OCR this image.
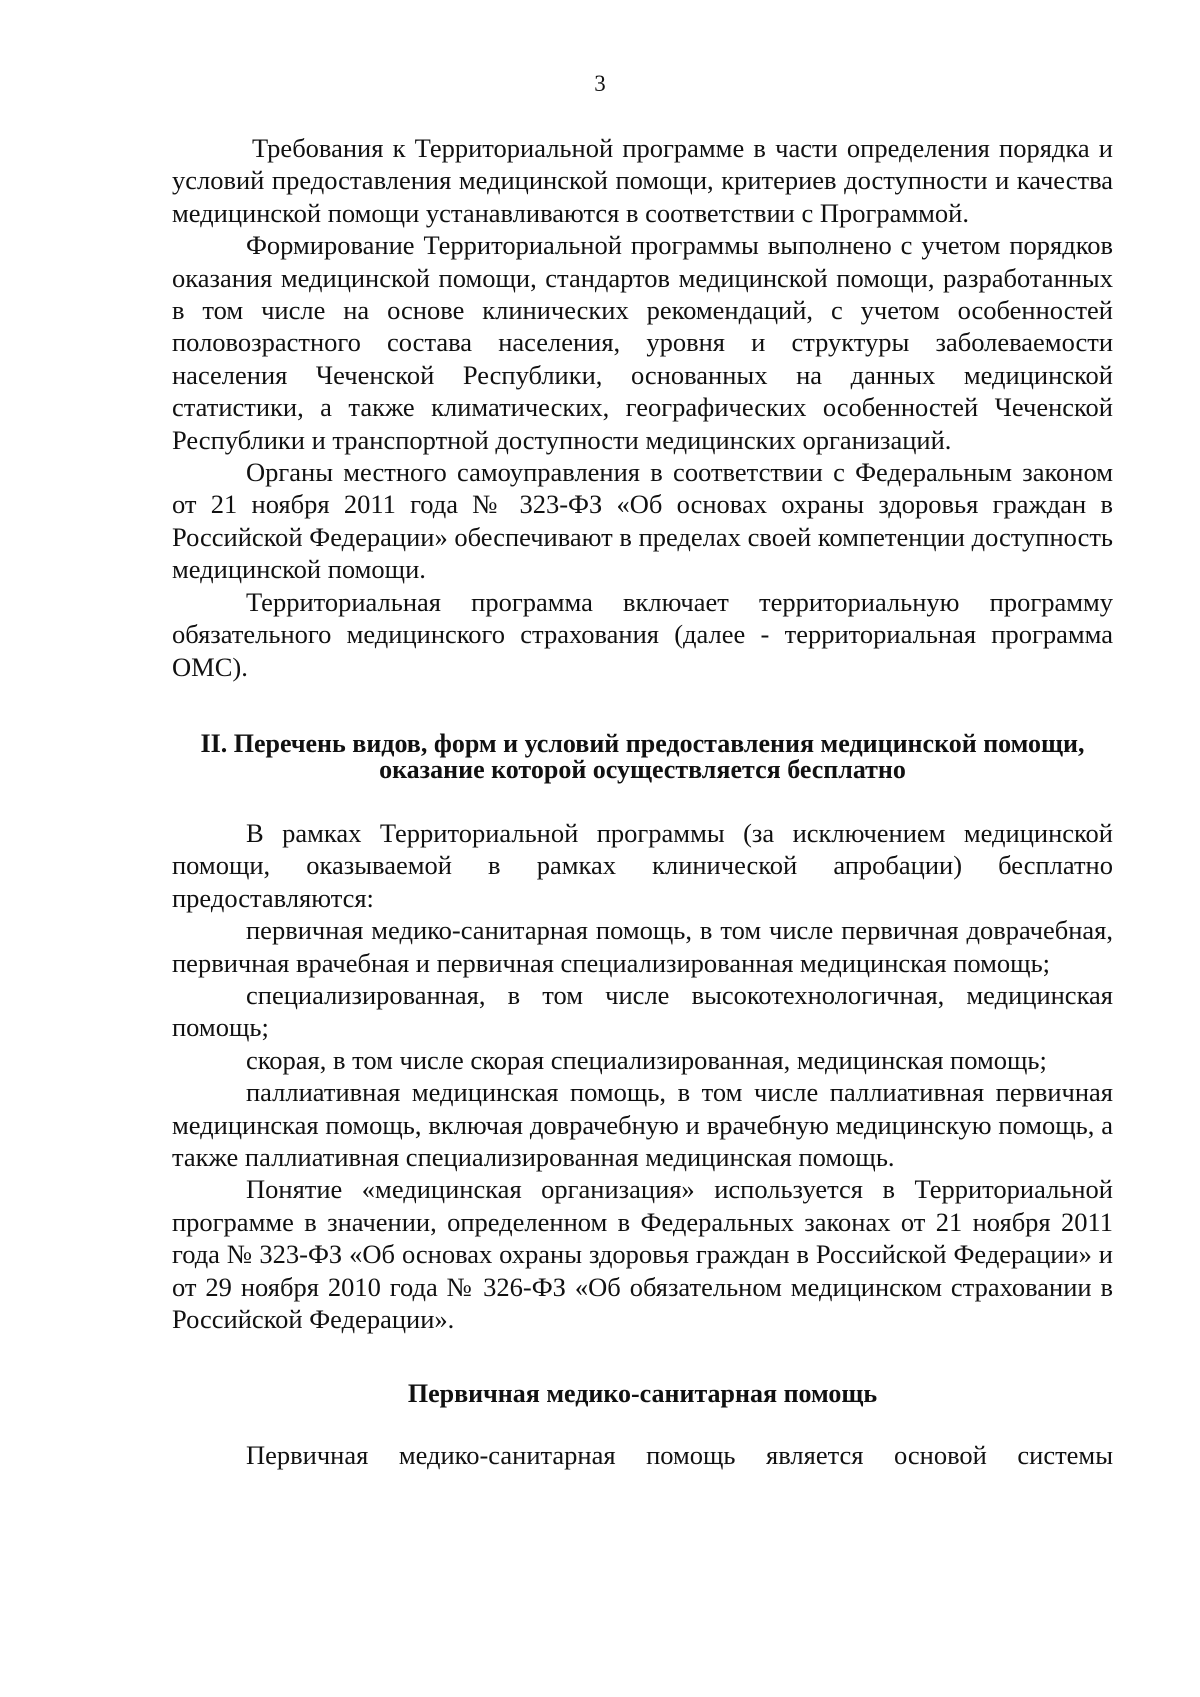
3

Требования к Территориальной программе в части определения порядка и условий предоставления медицинской помощи, критериев доступности и качества медицинской помощи устанавливаются в соответствии с Программой.

Формирование Территориальной программы выполнено с учетом порядков оказания медицинской помощи, стандартов медицинской помощи, разработанных в том числе на основе клинических рекомендаций, с учетом особенностей половозрастного состава населения, уровня и структуры заболеваемости населения Чеченской Республики, основанных на данных медицинской статистики, а также климатических, географических особенностей Чеченской Республики и транспортной доступности медицинских организаций.

Органы местного самоуправления в соответствии с Федеральным законом от 21 ноября 2011 года № 323-ФЗ «Об основах охраны здоровья граждан в Российской Федерации» обеспечивают в пределах своей компетенции доступность медицинской помощи.

Территориальная программа включает территориальную программу обязательного медицинского страхования (далее - территориальная программа ОМС).

II. Перечень видов, форм и условий предоставления медицинской помощи, оказание которой осуществляется бесплатно

В рамках Территориальной программы (за исключением медицинской помощи, оказываемой в рамках клинической апробации) бесплатно предоставляются:

первичная медико-санитарная помощь, в том числе первичная доврачебная, первичная врачебная и первичная специализированная медицинская помощь;

специализированная, в том числе высокотехнологичная, медицинская помощь;

скорая, в том числе скорая специализированная, медицинская помощь;

паллиативная медицинская помощь, в том числе паллиативная первичная медицинская помощь, включая доврачебную и врачебную медицинскую помощь, а также паллиативная специализированная медицинская помощь.

Понятие «медицинская организация» используется в Территориальной программе в значении, определенном в Федеральных законах от 21 ноября 2011 года № 323-ФЗ «Об основах охраны здоровья граждан в Российской Федерации» и от 29 ноября 2010 года № 326-ФЗ «Об обязательном медицинском страховании в Российской Федерации».

Первичная медико-санитарная помощь

Первичная медико-санитарная помощь является основой системы
